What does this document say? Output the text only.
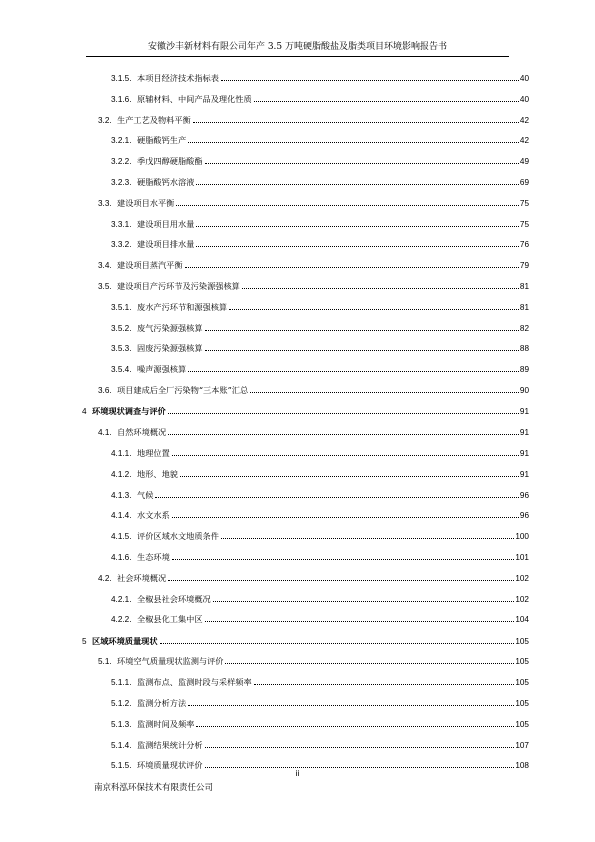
安徽沙丰新材料有限公司年产 3.5 万吨硬脂酸盐及脂类项目环境影响报告书
3.1.5. 本项目经济技术指标表	40
3.1.6. 原辅材料、中间产品及理化性质	40
3.2. 生产工艺及物料平衡	42
3.2.1. 硬脂酸钙生产	42
3.2.2. 季戊四醇硬脂酸酯	49
3.2.3. 硬脂酸钙水溶液	69
3.3. 建设项目水平衡	75
3.3.1. 建设项目用水量	75
3.3.2. 建设项目排水量	76
3.4. 建设项目蒸汽平衡	79
3.5. 建设项目产污环节及污染源强核算	81
3.5.1. 废水产污环节和源强核算	81
3.5.2. 废气污染源强核算	82
3.5.3. 固废污染源强核算	88
3.5.4. 噪声源强核算	89
3.6. 项目建成后全厂污染物“三本账”汇总	90
4 环境现状调查与评价	91
4.1. 自然环境概况	91
4.1.1. 地理位置	91
4.1.2. 地形、地貌	91
4.1.3. 气候	96
4.1.4. 水文水系	96
4.1.5. 评价区域水文地质条件	100
4.1.6. 生态环境	101
4.2. 社会环境概况	102
4.2.1. 全椒县社会环境概况	102
4.2.2. 全椒县化工集中区	104
5 区域环境质量现状	105
5.1. 环境空气质量现状监测与评价	105
5.1.1. 监测布点、监测时段与采样频率	105
5.1.2. 监测分析方法	105
5.1.3. 监测时间及频率	105
5.1.4. 监测结果统计分析	107
5.1.5. 环境质量现状评价	108
ii
南京科泓环保技术有限责任公司
